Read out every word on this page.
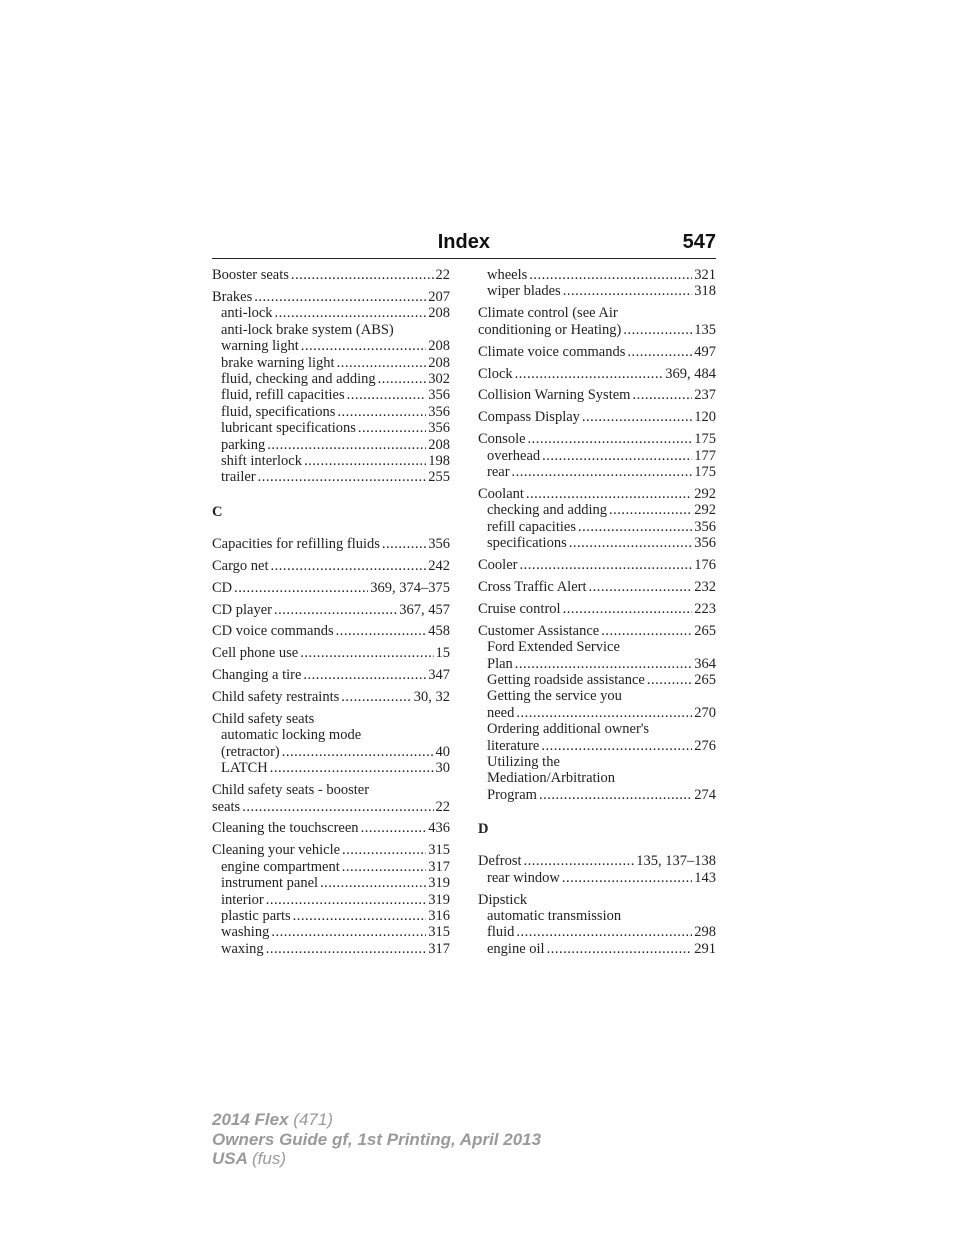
Index	547
Booster seats .....	22
Brakes .....	207
anti-lock .....	208
anti-lock brake system (ABS)
warning light .....	208
brake warning light .....	208
fluid, checking and adding .....	302
fluid, refill capacities .....	356
fluid, specifications .....	356
lubricant specifications .....	356
parking .....	208
shift interlock .....	198
trailer .....	255
C
Capacities for refilling fluids .....	356
Cargo net .....	242
CD .....	369, 374–375
CD player .....	367, 457
CD voice commands .....	458
Cell phone use .....	15
Changing a tire .....	347
Child safety restraints .....	30, 32
Child safety seats
automatic locking mode
(retractor) .....	40
LATCH .....	30
Child safety seats - booster
seats .....	22
Cleaning the touchscreen .....	436
Cleaning your vehicle .....	315
engine compartment .....	317
instrument panel .....	319
interior .....	319
plastic parts .....	316
washing .....	315
waxing .....	317
wheels .....	321
wiper blades .....	318
Climate control (see Air
conditioning or Heating) .....	135
Climate voice commands .....	497
Clock .....	369, 484
Collision Warning System .....	237
Compass Display .....	120
Console .....	175
overhead .....	177
rear .....	175
Coolant .....	292
checking and adding .....	292
refill capacities .....	356
specifications .....	356
Cooler .....	176
Cross Traffic Alert .....	232
Cruise control .....	223
Customer Assistance .....	265
Ford Extended Service
Plan .....	364
Getting roadside assistance .....	265
Getting the service you
need .....	270
Ordering additional owner's
literature .....	276
Utilizing the
Mediation/Arbitration
Program .....	274
D
Defrost .....	135, 137–138
rear window .....	143
Dipstick
automatic transmission
fluid .....	298
engine oil .....	291
2014 Flex (471)
Owners Guide gf, 1st Printing, April 2013
USA (fus)
